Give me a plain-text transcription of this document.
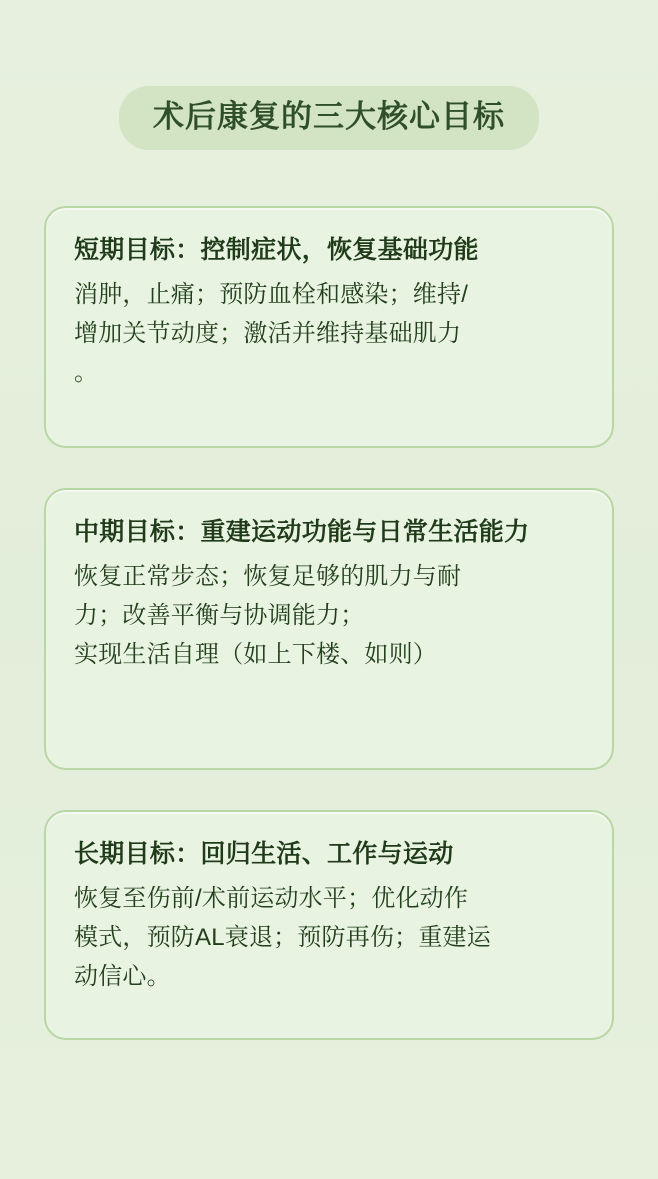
术后康复的三大核心目标
短期目标：控制症状，恢复基础功能
消肿，止痛；预防血栓和感染；维持/
增加关节动度；激活并维持基础肌力
。
中期目标：重建运动功能与日常生活能力
恢复正常步态；恢复足够的肌力与耐
力；改善平衡与协调能力；
实现生活自理（如上下楼、如则）
长期目标：回归生活、工作与运动
恢复至伤前/术前运动水平；优化动作
模式，预防AL衰退；预防再伤；重建运
动信心。
